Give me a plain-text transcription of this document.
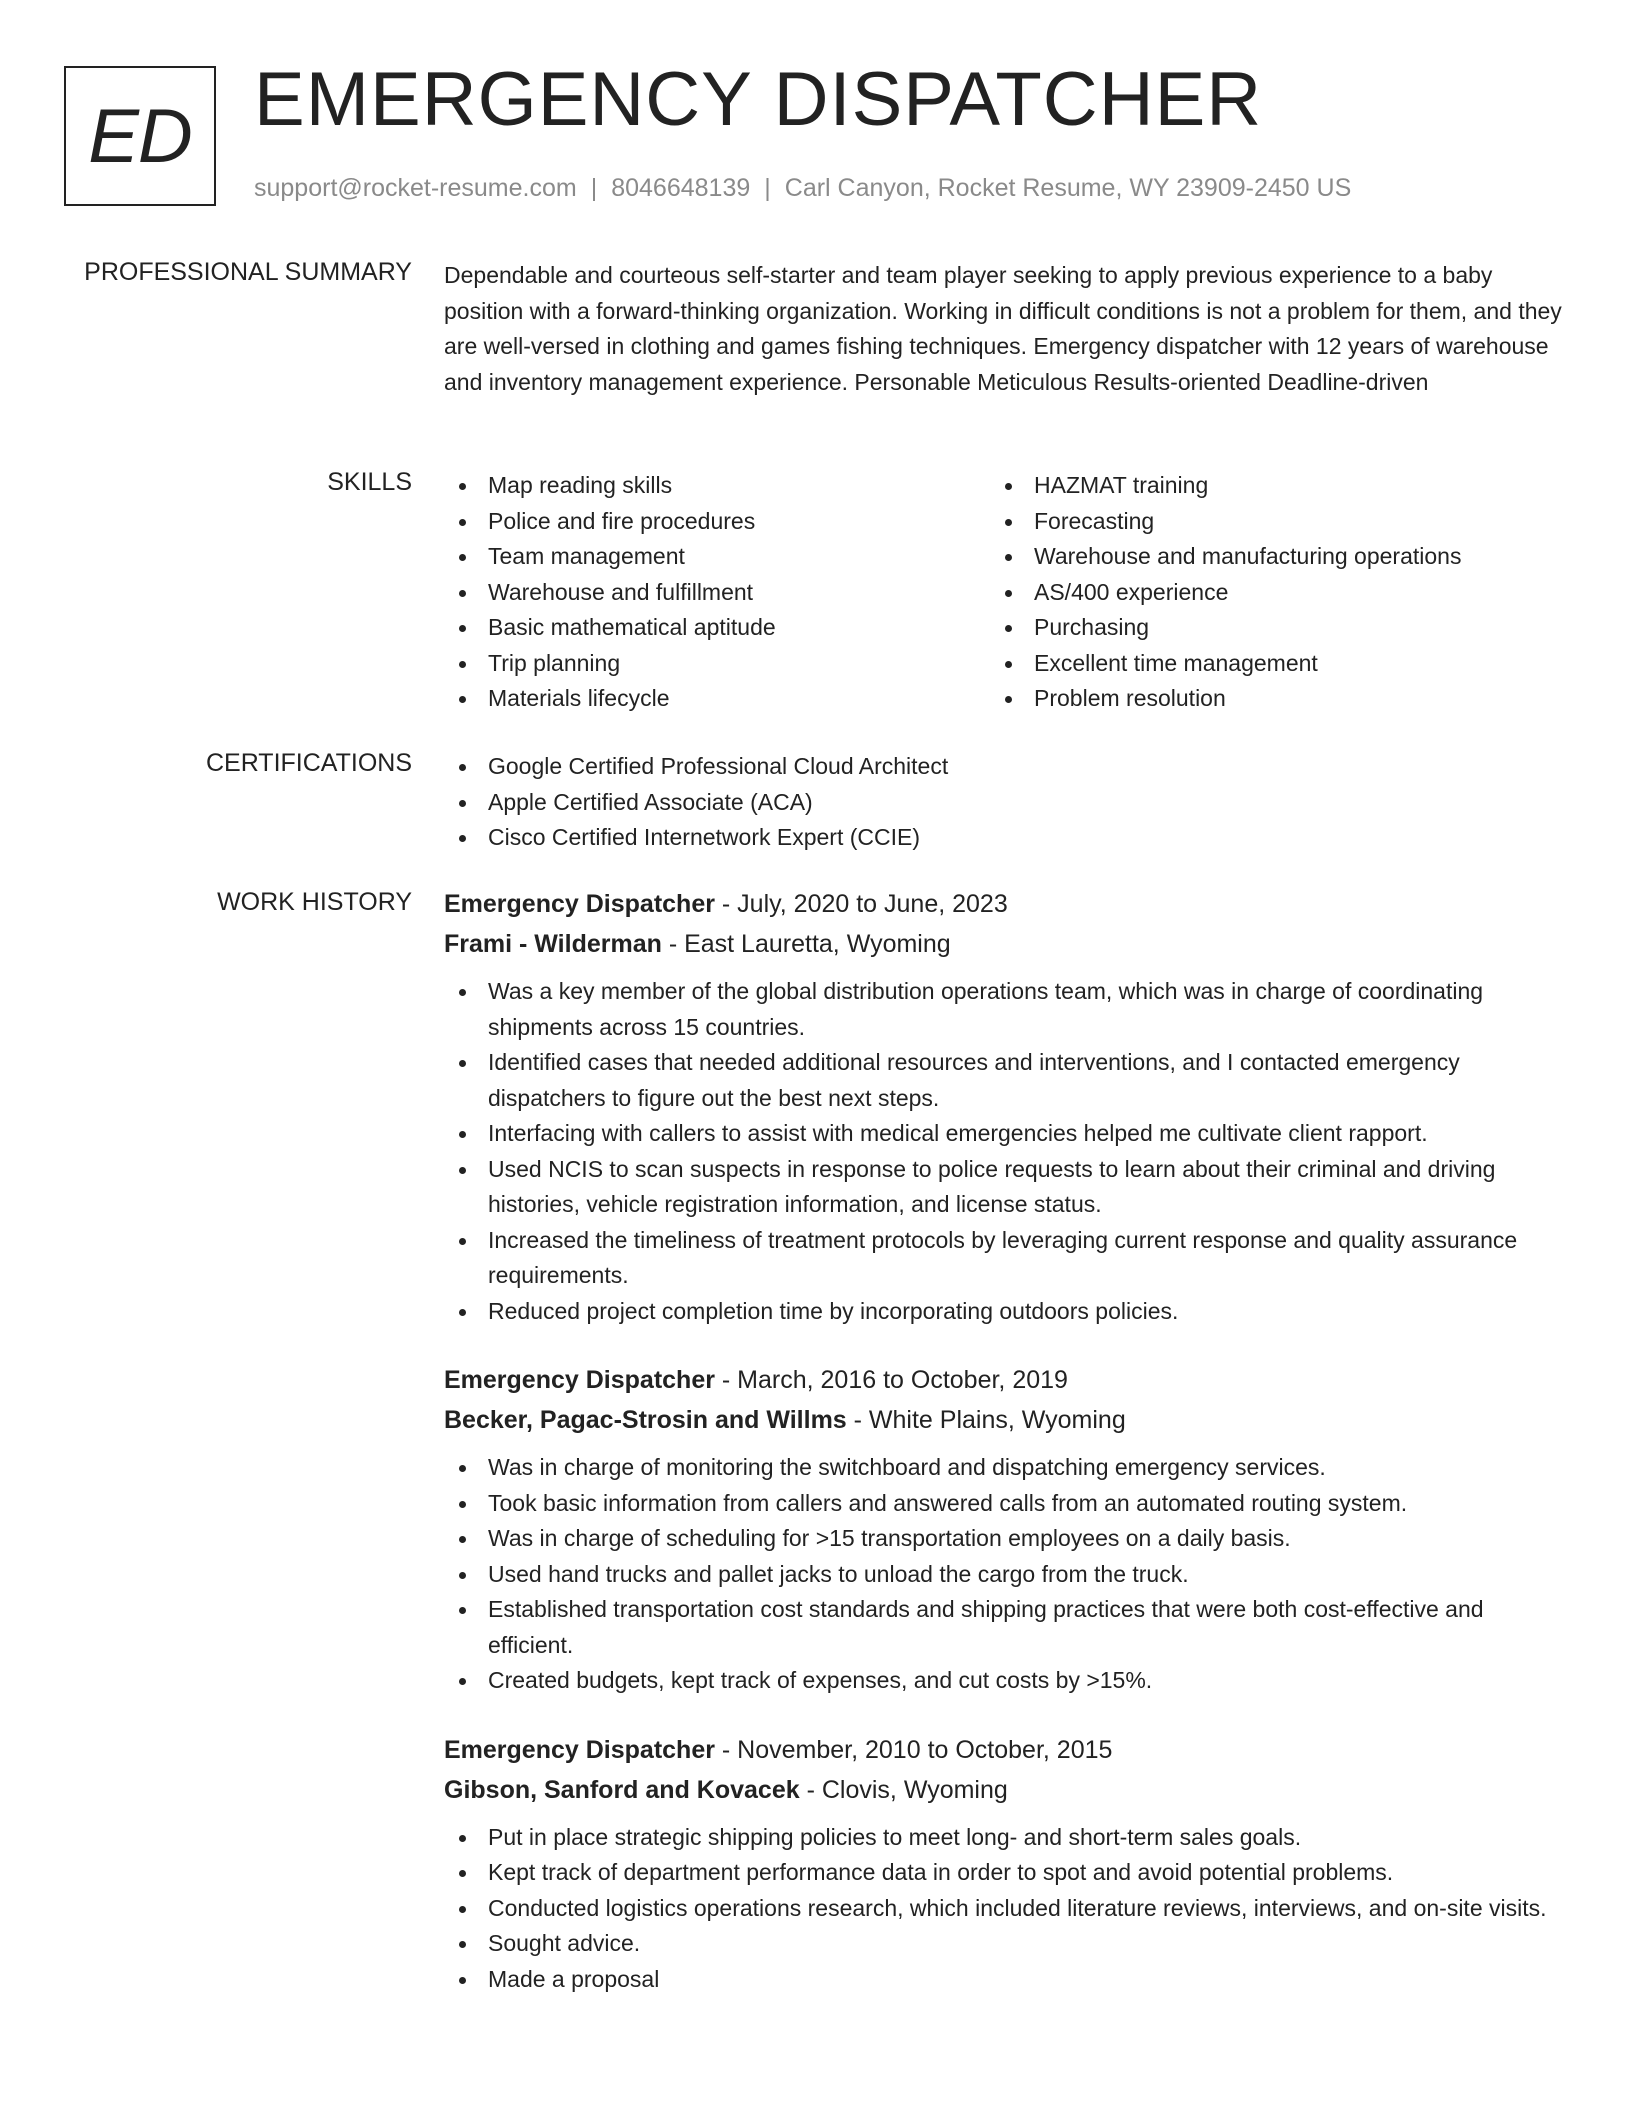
ED EMERGENCY DISPATCHER
support@rocket-resume.com | 8046648139 | Carl Canyon, Rocket Resume, WY 23909-2450 US
PROFESSIONAL SUMMARY Dependable and courteous self-starter and team player seeking to apply previous experience to a baby position with a forward-thinking organization. Working in difficult conditions is not a problem for them, and they are well-versed in clothing and games fishing techniques. Emergency dispatcher with 12 years of warehouse and inventory management experience. Personable Meticulous Results-oriented Deadline-driven

SKILLS	Map reading skills
Police and fire procedures
Team management
Warehouse and fulfillment
Basic mathematical aptitude
Trip planning
Materials lifecycle
HAZMAT training
Forecasting
Warehouse and manufacturing operations
AS/400 experience
Purchasing
Excellent time management
Problem resolution
CERTIFICATIONS	Google Certified Professional Cloud Architect
Apple Certified Associate (ACA)
Cisco Certified Internetwork Expert (CCIE)
WORK HISTORY Emergency Dispatcher - July, 2020 to June, 2023
Frami - Wilderman - East Lauretta, Wyoming
Was a key member of the global distribution operations team, which was in charge of coordinating shipments across 15 countries.
Identified cases that needed additional resources and interventions, and I contacted emergency dispatchers to figure out the best next steps.
Interfacing with callers to assist with medical emergencies helped me cultivate client rapport.
Used NCIS to scan suspects in response to police requests to learn about their criminal and driving histories, vehicle registration information, and license status.
Increased the timeliness of treatment protocols by leveraging current response and quality assurance requirements.
Reduced project completion time by incorporating outdoors policies.
Emergency Dispatcher - March, 2016 to October, 2019
Becker, Pagac-Strosin and Willms - White Plains, Wyoming
Was in charge of monitoring the switchboard and dispatching emergency services.
Took basic information from callers and answered calls from an automated routing system.
Was in charge of scheduling for >15 transportation employees on a daily basis.
Used hand trucks and pallet jacks to unload the cargo from the truck.
Established transportation cost standards and shipping practices that were both cost-effective and efficient.
Created budgets, kept track of expenses, and cut costs by >15%.
Emergency Dispatcher - November, 2010 to October, 2015
Gibson, Sanford and Kovacek - Clovis, Wyoming
Put in place strategic shipping policies to meet long- and short-term sales goals.
Kept track of department performance data in order to spot and avoid potential problems.
Conducted logistics operations research, which included literature reviews, interviews, and on-site visits.
Sought advice.
Made a proposal
